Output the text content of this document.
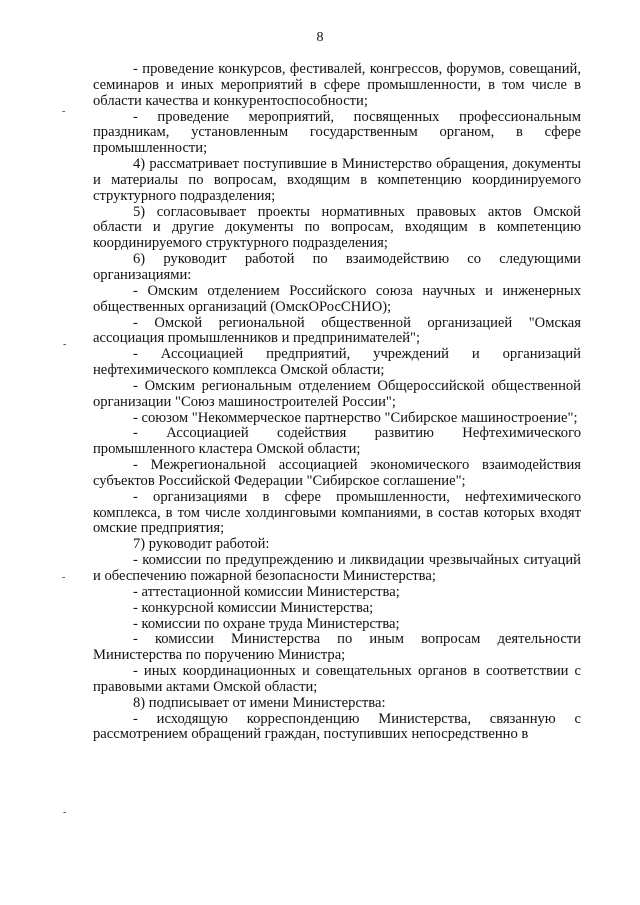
8
-
-
-
-

- проведение конкурсов, фестивалей, конгрессов, форумов, совещаний, семинаров и иных мероприятий в сфере промышленности, в том числе в области качества и конкурентоспособности;

- проведение мероприятий, посвященных профессиональным праздникам, установленным государственным органом, в сфере промышленности;

4) рассматривает поступившие в Министерство обращения, документы и материалы по вопросам, входящим в компетенцию координируемого структурного подразделения;

5) согласовывает проекты нормативных правовых актов Омской области и другие документы по вопросам, входящим в компетенцию координируемого структурного подразделения;

6) руководит работой по взаимодействию со следующими организациями:

- Омским отделением Российского союза научных и инженерных общественных организаций (ОмскОРосСНИО);

- Омской региональной общественной организацией "Омская ассоциация промышленников и предпринимателей";

- Ассоциацией предприятий, учреждений и организаций нефтехимического комплекса Омской области;

- Омским региональным отделением Общероссийской общественной организации "Союз машиностроителей России";

- союзом "Некоммерческое партнерство "Сибирское машиностроение";

- Ассоциацией содействия развитию Нефтехимического промышленного кластера Омской области;

- Межрегиональной ассоциацией экономического взаимодействия субъектов Российской Федерации "Сибирское соглашение";

- организациями в сфере промышленности, нефтехимического комплекса, в том числе холдинговыми компаниями, в состав которых входят омские предприятия;

7) руководит работой:

- комиссии по предупреждению и ликвидации чрезвычайных ситуаций и обеспечению пожарной безопасности Министерства;

- аттестационной комиссии Министерства;

- конкурсной комиссии Министерства;

- комиссии по охране труда Министерства;

- комиссии Министерства по иным вопросам деятельности Министерства по поручению Министра;

- иных координационных и совещательных органов в соответствии с правовыми актами Омской области;

8) подписывает от имени Министерства:

- исходящую корреспонденцию Министерства, связанную с рассмотрением обращений граждан, поступивших непосредственно в
